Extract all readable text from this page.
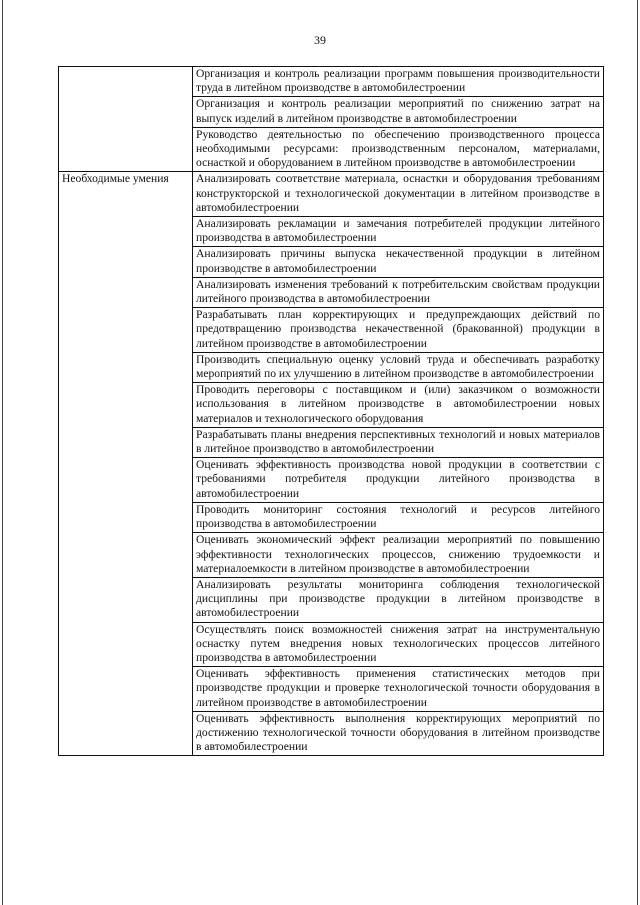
39
	Организация и контроль реализации программ повышения производительности труда в литейном производстве в автомобилестроении
	Организация и контроль реализации мероприятий по снижению затрат на выпуск изделий в литейном производстве в автомобилестроении
	Руководство деятельностью по обеспечению производственного процесса необходимыми ресурсами: производственным персоналом, материалами, оснасткой и оборудованием в литейном производстве в автомобилестроении
Необходимые умения	Анализировать соответствие материала, оснастки и оборудования требованиям конструкторской и технологической документации в литейном производстве в автомобилестроении
	Анализировать рекламации и замечания потребителей продукции литейного производства в автомобилестроении
	Анализировать причины выпуска некачественной продукции в литейном производстве в автомобилестроении
	Анализировать изменения требований к потребительским свойствам продукции литейного производства в автомобилестроении
	Разрабатывать план корректирующих и предупреждающих действий по предотвращению производства некачественной (бракованной) продукции в литейном производстве в автомобилестроении
	Производить специальную оценку условий труда и обеспечивать разработку мероприятий по их улучшению в литейном производстве в автомобилестроении
	Проводить переговоры с поставщиком и (или) заказчиком о возможности использования в литейном производстве в автомобилестроении новых материалов и технологического оборудования
	Разрабатывать планы внедрения перспективных технологий и новых материалов в литейное производство в автомобилестроении
	Оценивать эффективность производства новой продукции в соответствии с требованиями потребителя продукции литейного производства в автомобилестроении
	Проводить мониторинг состояния технологий и ресурсов литейного производства в автомобилестроении
	Оценивать экономический эффект реализации мероприятий по повышению эффективности технологических процессов, снижению трудоемкости и материалоемкости в литейном производстве в автомобилестроении
	Анализировать результаты мониторинга соблюдения технологической дисциплины при производстве продукции в литейном производстве в автомобилестроении
	Осуществлять поиск возможностей снижения затрат на инструментальную оснастку путем внедрения новых технологических процессов литейного производства в автомобилестроении
	Оценивать эффективность применения статистических методов при производстве продукции и проверке технологической точности оборудования в литейном производстве в автомобилестроении
	Оценивать эффективность выполнения корректирующих мероприятий по достижению технологической точности оборудования в литейном производстве в автомобилестроении
